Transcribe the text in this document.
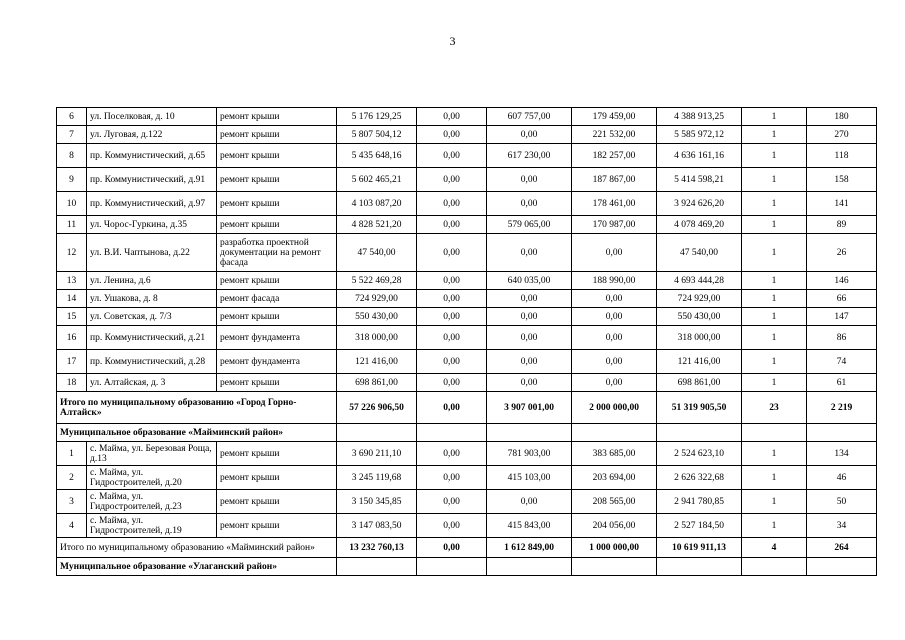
3
6	ул. Поселковая, д. 10	ремонт крыши	5 176 129,25	0,00	607 757,00	179 459,00	4 388 913,25	1	180
7	ул. Луговая, д.122	ремонт крыши	5 807 504,12	0,00	0,00	221 532,00	5 585 972,12	1	270
8	пр. Коммунистический, д.65	ремонт крыши	5 435 648,16	0,00	617 230,00	182 257,00	4 636 161,16	1	118
9	пр. Коммунистический, д.91	ремонт крыши	5 602 465,21	0,00	0,00	187 867,00	5 414 598,21	1	158
10	пр. Коммунистический, д.97	ремонт крыши	4 103 087,20	0,00	0,00	178 461,00	3 924 626,20	1	141
11	ул. Чорос-Гуркина, д.35	ремонт крыши	4 828 521,20	0,00	579 065,00	170 987,00	4 078 469,20	1	89
12	ул. В.И. Чаптынова, д.22	разработка проектной документации на ремонт фасада	47 540,00	0,00	0,00	0,00	47 540,00	1	26
13	ул. Ленина, д.6	ремонт крыши	5 522 469,28	0,00	640 035,00	188 990,00	4 693 444,28	1	146
14	ул. Ушакова, д. 8	ремонт фасада	724 929,00	0,00	0,00	0,00	724 929,00	1	66
15	ул. Советская, д. 7/3	ремонт крыши	550 430,00	0,00	0,00	0,00	550 430,00	1	147
16	пр. Коммунистический, д.21	ремонт фундамента	318 000,00	0,00	0,00	0,00	318 000,00	1	86
17	пр. Коммунистический, д.28	ремонт фундамента	121 416,00	0,00	0,00	0,00	121 416,00	1	74
18	ул. Алтайская, д. 3	ремонт крыши	698 861,00	0,00	0,00	0,00	698 861,00	1	61
Итого по муниципальному образованию «Город Горно-Алтайск»			57 226 906,50	0,00	3 907 001,00	2 000 000,00	51 319 905,50	23	2 219
Муниципальное образование «Майминский район»									
1	с. Майма, ул. Березовая Роща, д.13	ремонт крыши	3 690 211,10	0,00	781 903,00	383 685,00	2 524 623,10	1	134
2	с. Майма, ул. Гидростроителей, д.20	ремонт крыши	3 245 119,68	0,00	415 103,00	203 694,00	2 626 322,68	1	46
3	с. Майма, ул. Гидростроителей, д.23	ремонт крыши	3 150 345,85	0,00	0,00	208 565,00	2 941 780,85	1	50
4	с. Майма, ул. Гидростроителей, д.19	ремонт крыши	3 147 083,50	0,00	415 843,00	204 056,00	2 527 184,50	1	34
Итого по муниципальному образованию «Майминский район»			13 232 760,13	0,00	1 612 849,00	1 000 000,00	10 619 911,13	4	264
Муниципальное образование «Улаганский район»									
